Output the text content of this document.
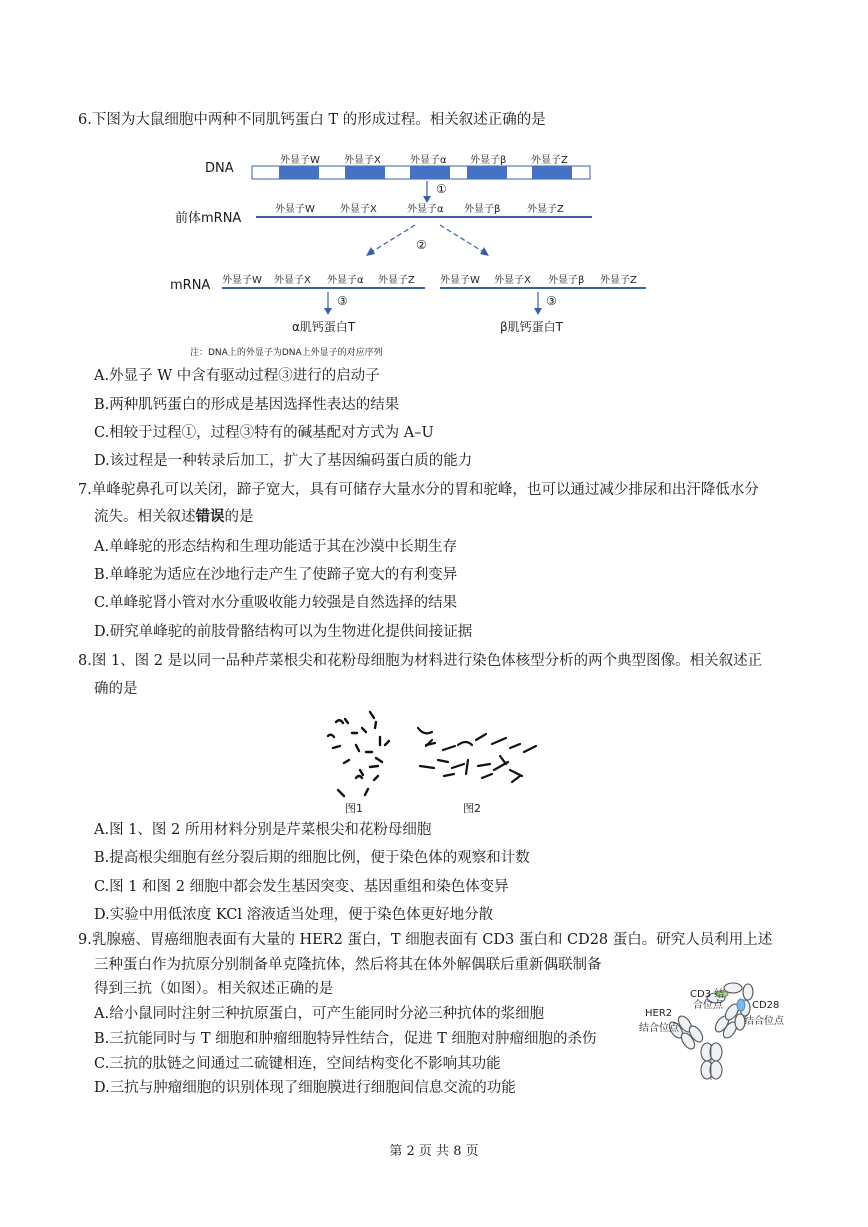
6.下图为大鼠细胞中两种不同肌钙蛋白 T 的形成过程。相关叙述正确的是
DNA
外显子W 外显子X	外显子α 外显子β 外显子Z
①
前体mRNA
外显子W	外显子X	外显子α 外显子β	外显子Z
②
mRNA 外显子W 外显子X 外显子α 外显子Z	外显子W 外显子X 外显子β 外显子Z
③	③
α肌钙蛋白T	β肌钙蛋白T
注：DNA上的外显子为DNA上外显子的对应序列
A.外显子 W 中含有驱动过程③进行的启动子
B.两种肌钙蛋白的形成是基因选择性表达的结果
C.相较于过程①，过程③特有的碱基配对方式为 A–U
D.该过程是一种转录后加工，扩大了基因编码蛋白质的能力
7.单峰驼鼻孔可以关闭，蹄子宽大，具有可储存大量水分的胃和驼峰，也可以通过减少排尿和出汗降低水分
流失。相关叙述错误的是
A.单峰驼的形态结构和生理功能适于其在沙漠中长期生存
B.单峰驼为适应在沙地行走产生了使蹄子宽大的有利变异
C.单峰驼肾小管对水分重吸收能力较强是自然选择的结果
D.研究单峰驼的前肢骨骼结构可以为生物进化提供间接证据
8.图 1、图 2 是以同一品种芹菜根尖和花粉母细胞为材料进行染色体核型分析的两个典型图像。相关叙述正
确的是
图1	图2
A.图 1、图 2 所用材料分别是芹菜根尖和花粉母细胞
B.提高根尖细胞有丝分裂后期的细胞比例，便于染色体的观察和计数
C.图 1 和图 2 细胞中都会发生基因突变、基因重组和染色体变异
D.实验中用低浓度 KCl 溶液适当处理，便于染色体更好地分散
9.乳腺癌、胃癌细胞表面有大量的 HER2 蛋白，T 细胞表面有 CD3 蛋白和 CD28 蛋白。研究人员利用上述
三种蛋白作为抗原分别制备单克隆抗体，然后将其在体外解偶联后重新偶联制备
得到三抗（如图）。相关叙述正确的是
A.给小鼠同时注射三种抗原蛋白，可产生能同时分泌三种抗体的浆细胞
B.三抗能同时与 T 细胞和肿瘤细胞特异性结合，促进 T 细胞对肿瘤细胞的杀伤
C.三抗的肽链之间通过二硫键相连，空间结构变化不影响其功能
D.三抗与肿瘤细胞的识别体现了细胞膜进行细胞间信息交流的功能
CD3 结
合位点	CD28
结合位点
HER2
结合位点
第 2 页 共 8 页
